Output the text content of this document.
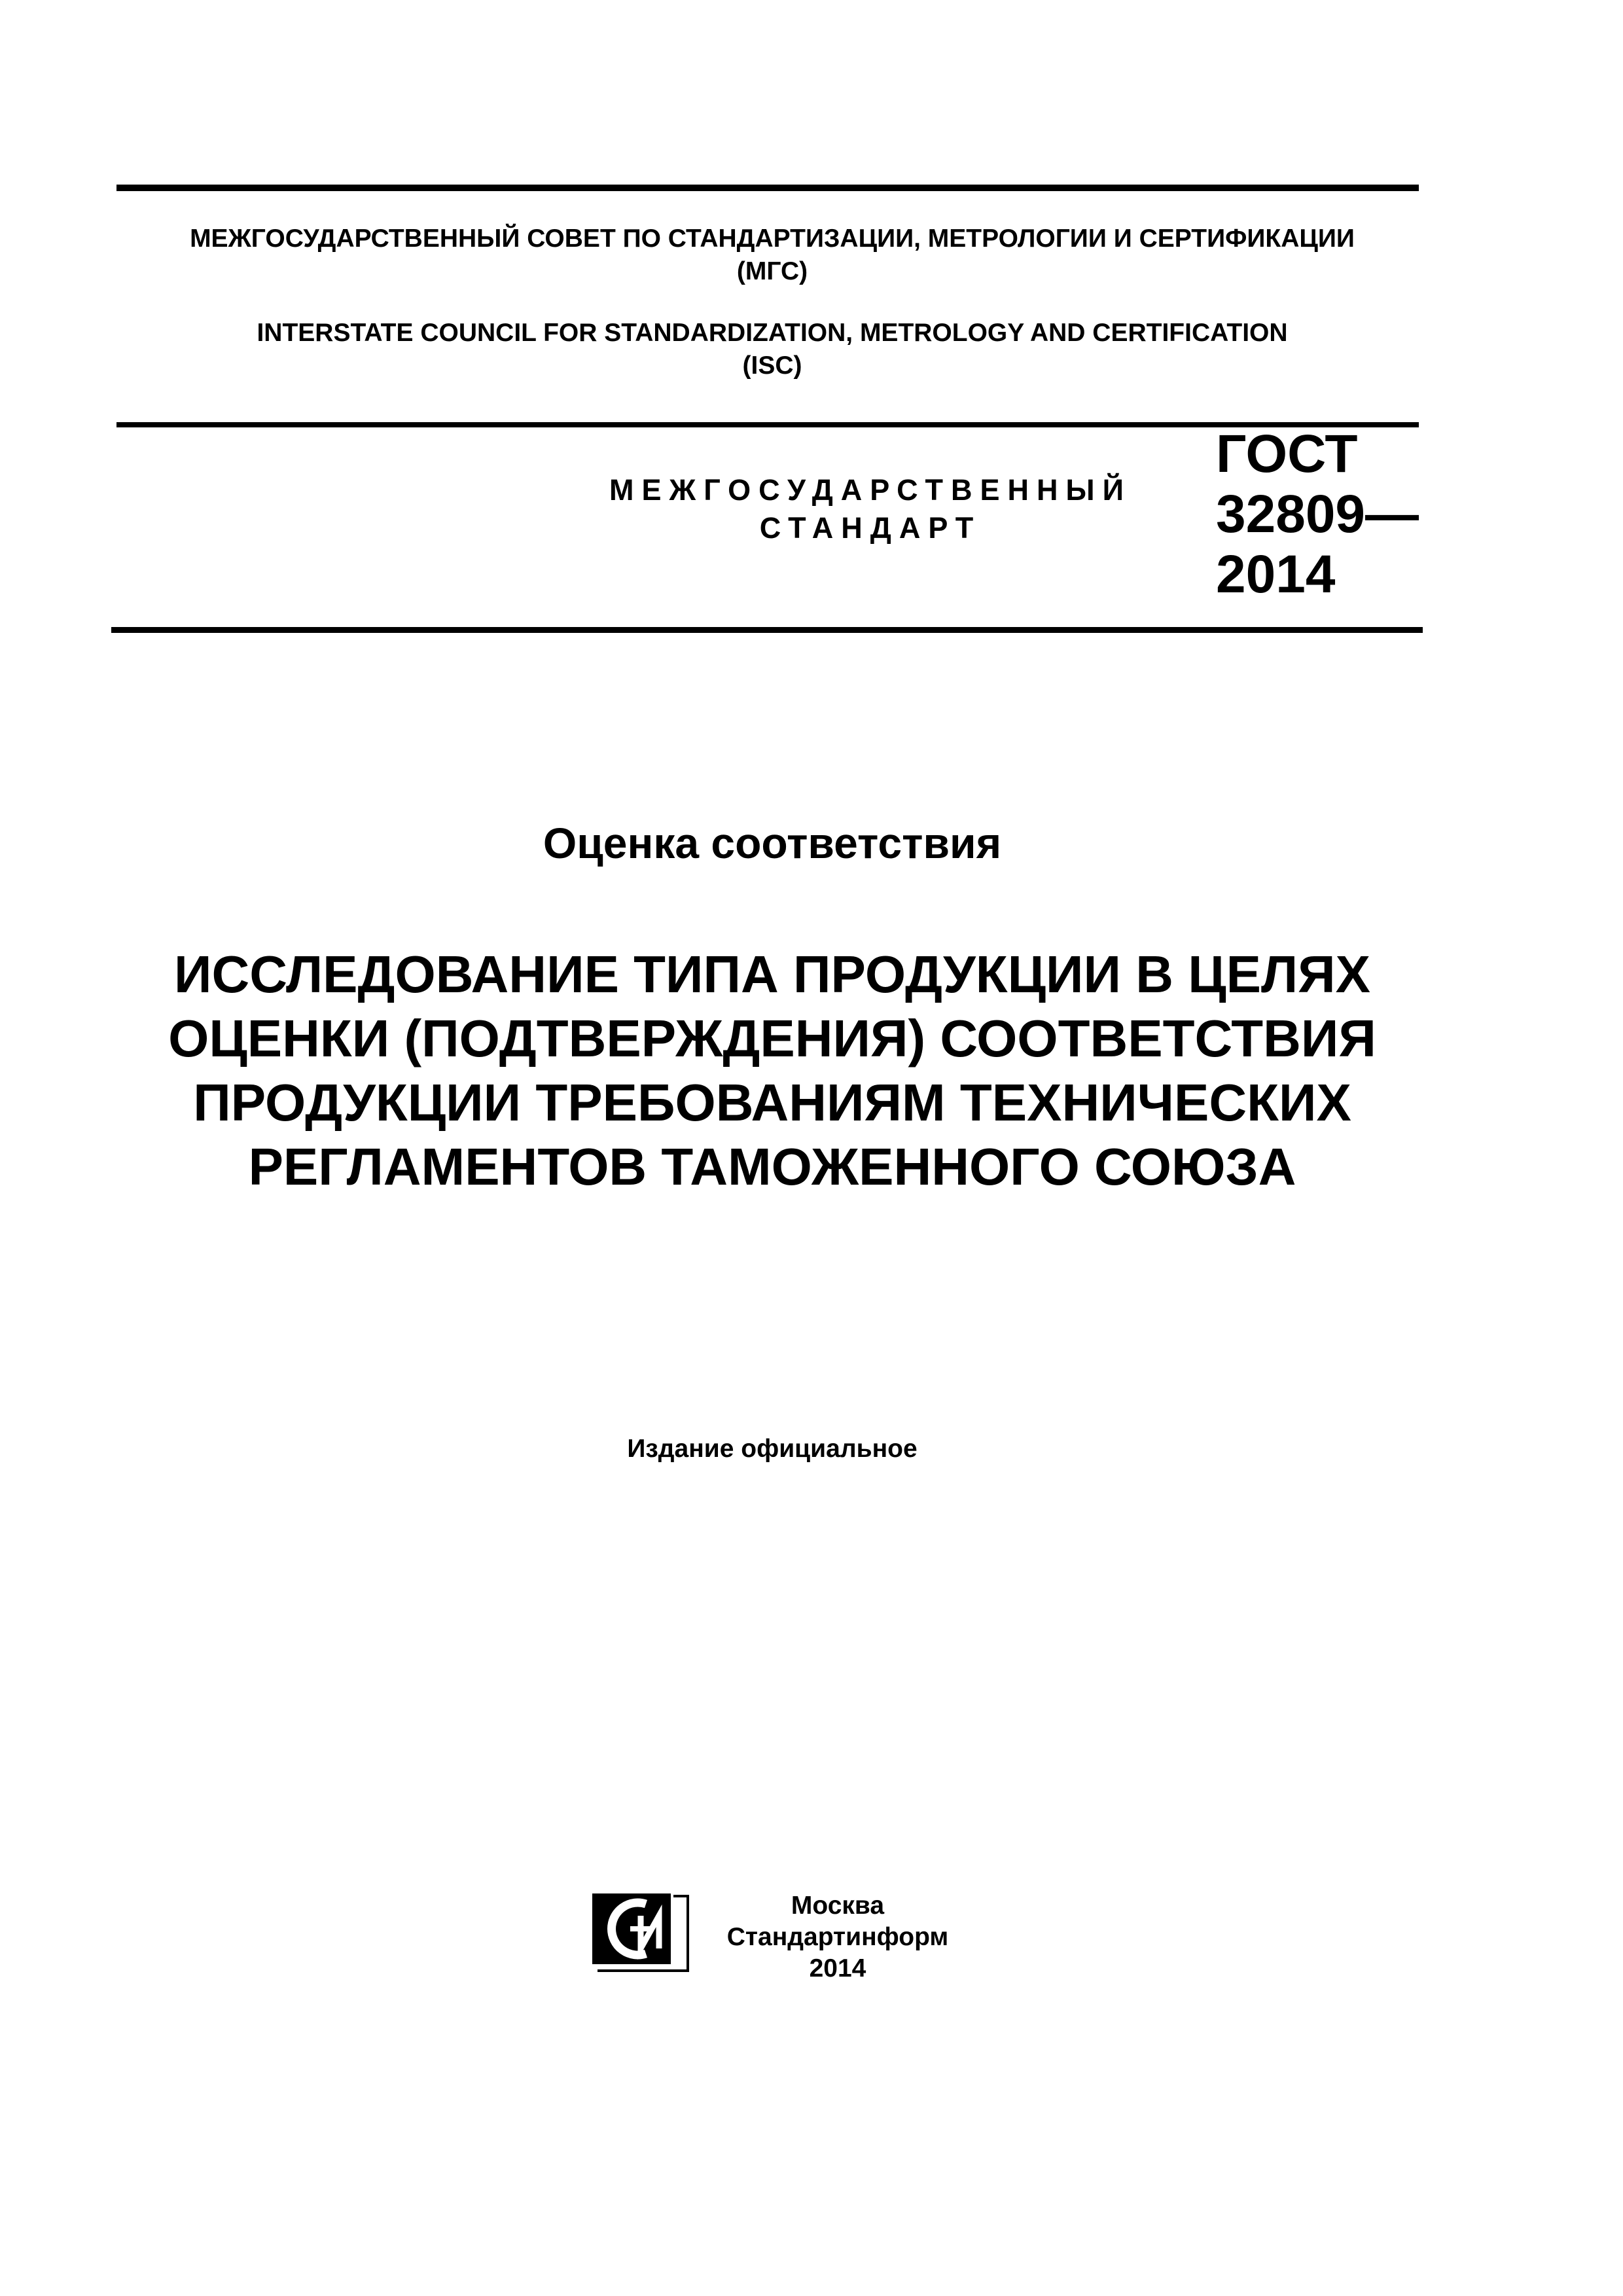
МЕЖГОСУДАРСТВЕННЫЙ СОВЕТ ПО СТАНДАРТИЗАЦИИ, МЕТРОЛОГИИ И СЕРТИФИКАЦИИ

(МГС)

INTERSTATE COUNCIL FOR STANDARDIZATION, METROLOGY AND CERTIFICATION

(ISC)

МЕЖГОСУДАРСТВЕННЫЙ
СТАНДАРТ
ГОСТ
32809—
2014
Оценка соответствия
ИССЛЕДОВАНИЕ ТИПА ПРОДУКЦИИ В ЦЕЛЯХ
ОЦЕНКИ (ПОДТВЕРЖДЕНИЯ) СООТВЕТСТВИЯ
ПРОДУКЦИИ ТРЕБОВАНИЯМ ТЕХНИЧЕСКИХ
РЕГЛАМЕНТОВ ТАМОЖЕННОГО СОЮЗА
Издание официальное

Москва

Стандартинформ

2014
